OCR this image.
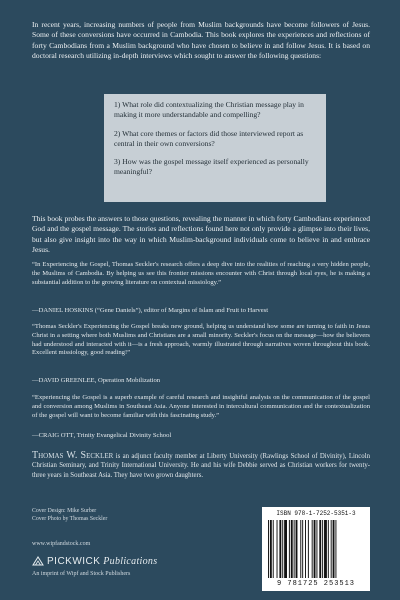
In recent years, increasing numbers of people from Muslim backgrounds have become followers of Jesus. Some of these conversions have occurred in Cambodia. This book explores the experiences and reflections of forty Cambodians from a Muslim background who have chosen to believe in and follow Jesus. It is based on doctoral research utilizing in-depth interviews which sought to answer the following questions:

1) What role did contextualizing the Christian message play in making it more understandable and compelling?

2) What core themes or factors did those interviewed report as central in their own conversions?

3) How was the gospel message itself experienced as personally meaningful?

This book probes the answers to those questions, revealing the manner in which forty Cambodians experienced God and the gospel message. The stories and reflections found here not only provide a glimpse into their lives, but also give insight into the way in which Muslim-background individuals come to believe in and embrace Jesus.

“In Experiencing the Gospel, Thomas Seckler's research offers a deep dive into the realities of reaching a very hidden people, the Muslims of Cambodia. By helping us see this frontier missions encounter with Christ through local eyes, he is making a substantial addition to the growing literature on contextual missiology.”

—DANIEL HOSKINS (“Gene Daniels”), editor of Margins of Islam and Fruit to Harvest

“Thomas Seckler's Experiencing the Gospel breaks new ground, helping us understand how some are turning to faith in Jesus Christ in a setting where both Muslims and Christians are a small minority. Seckler's focus on the message—how the believers had understood and interacted with it—is a fresh approach, warmly illustrated through narratives woven throughout this book. Excellent missiology, good reading!”

—DAVID GREENLEE, Operation Mobilization

“Experiencing the Gospel is a superb example of careful research and insightful analysis on the communication of the gospel and conversion among Muslims in Southeast Asia. Anyone interested in intercultural communication and the contextualization of the gospel will want to become familiar with this fascinating study.”

—CRAIG OTT, Trinity Evangelical Divinity School

Thomas W. Seckler is an adjunct faculty member at Liberty University (Rawlings School of Divinity), Lincoln Christian Seminary, and Trinity International University. He and his wife Debbie served as Christian workers for twenty-three years in Southeast Asia. They have two grown daughters.

Cover Design: Mike Surber
Cover Photo by Thomas Seckler

www.wipfandstock.com
PICKWICK Publications
An imprint of Wipf and Stock Publishers
ISBN 978-1-7252-5351-3
9 781725 253513
